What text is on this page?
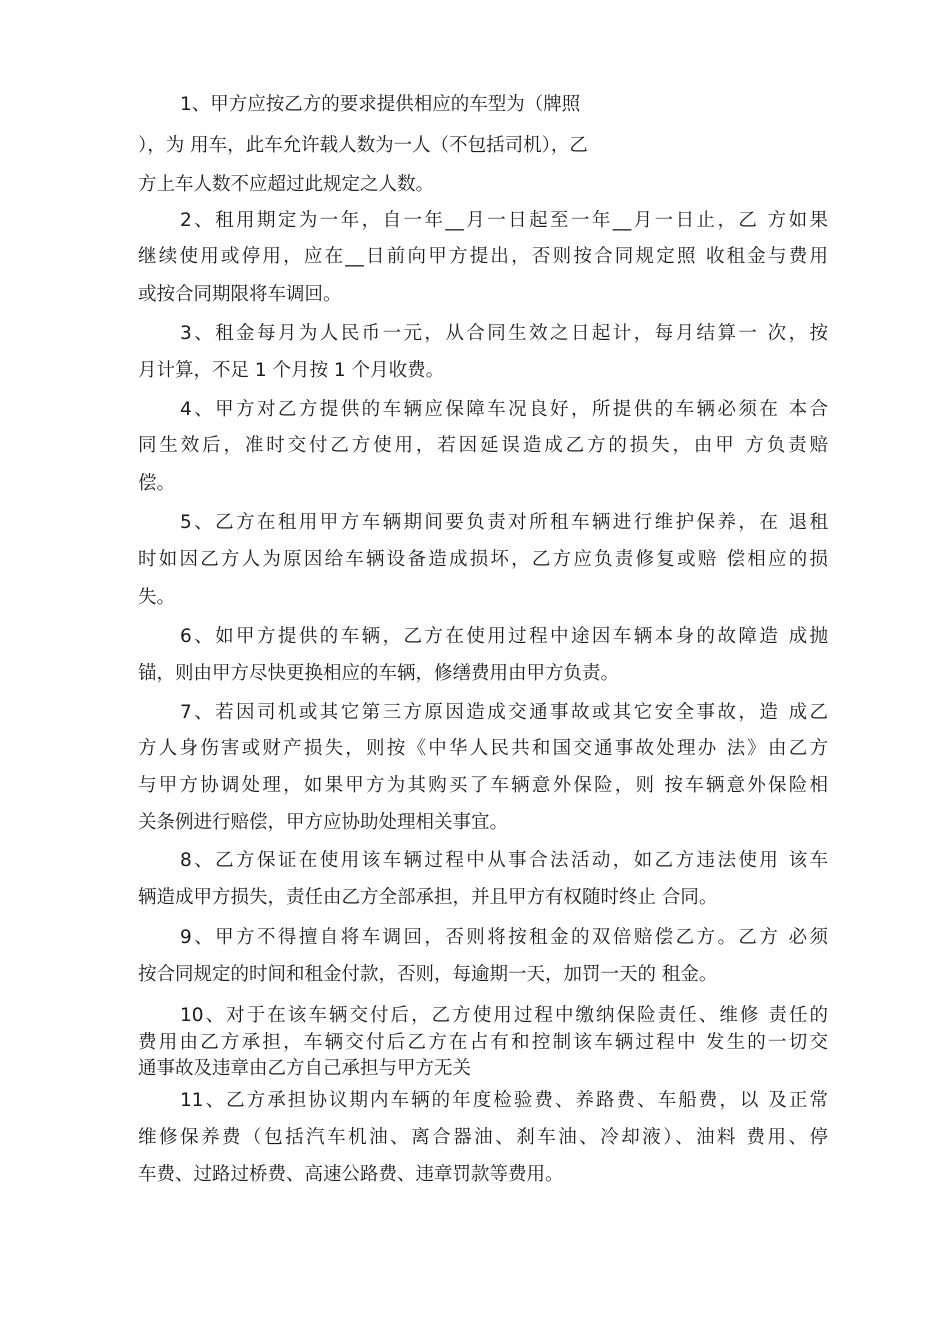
1、甲方应按乙方的要求提供相应的车型为（牌照
），为 用车，此车允许载人数为一人（不包括司机），乙
方上车人数不应超过此规定之人数。
2、租用期定为一年，自一年__月一日起至一年__月一日止，乙 方如果
继续使用或停用，应在__日前向甲方提出，否则按合同规定照 收租金与费用
或按合同期限将车调回。
3、租金每月为人民币一元，从合同生效之日起计，每月结算一 次，按
月计算，不足 1 个月按 1 个月收费。
4、甲方对乙方提供的车辆应保障车况良好，所提供的车辆必须在 本合
同生效后，准时交付乙方使用，若因延误造成乙方的损失，由甲 方负责赔
偿。
5、乙方在租用甲方车辆期间要负责对所租车辆进行维护保养，在 退租
时如因乙方人为原因给车辆设备造成损坏，乙方应负责修复或赔 偿相应的损
失。
6、如甲方提供的车辆，乙方在使用过程中途因车辆本身的故障造 成抛
锚，则由甲方尽快更换相应的车辆，修缮费用由甲方负责。
7、若因司机或其它第三方原因造成交通事故或其它安全事故，造 成乙
方人身伤害或财产损失，则按《中华人民共和国交通事故处理办 法》由乙方
与甲方协调处理，如果甲方为其购买了车辆意外保险，则 按车辆意外保险相
关条例进行赔偿，甲方应协助处理相关事宜。
8、乙方保证在使用该车辆过程中从事合法活动，如乙方违法使用 该车
辆造成甲方损失，责任由乙方全部承担，并且甲方有权随时终止 合同。
9、甲方不得擅自将车调回，否则将按租金的双倍赔偿乙方。乙方 必须
按合同规定的时间和租金付款，否则，每逾期一天，加罚一天的 租金。
10、对于在该车辆交付后，乙方使用过程中缴纳保险责任、维修 责任的
费用由乙方承担，车辆交付后乙方在占有和控制该车辆过程中 发生的一切交
通事故及违章由乙方自己承担与甲方无关
11、乙方承担协议期内车辆的年度检验费、养路费、车船费，以 及正常
维修保养费（包括汽车机油、离合器油、刹车油、冷却液）、油料 费用、停
车费、过路过桥费、高速公路费、违章罚款等费用。
